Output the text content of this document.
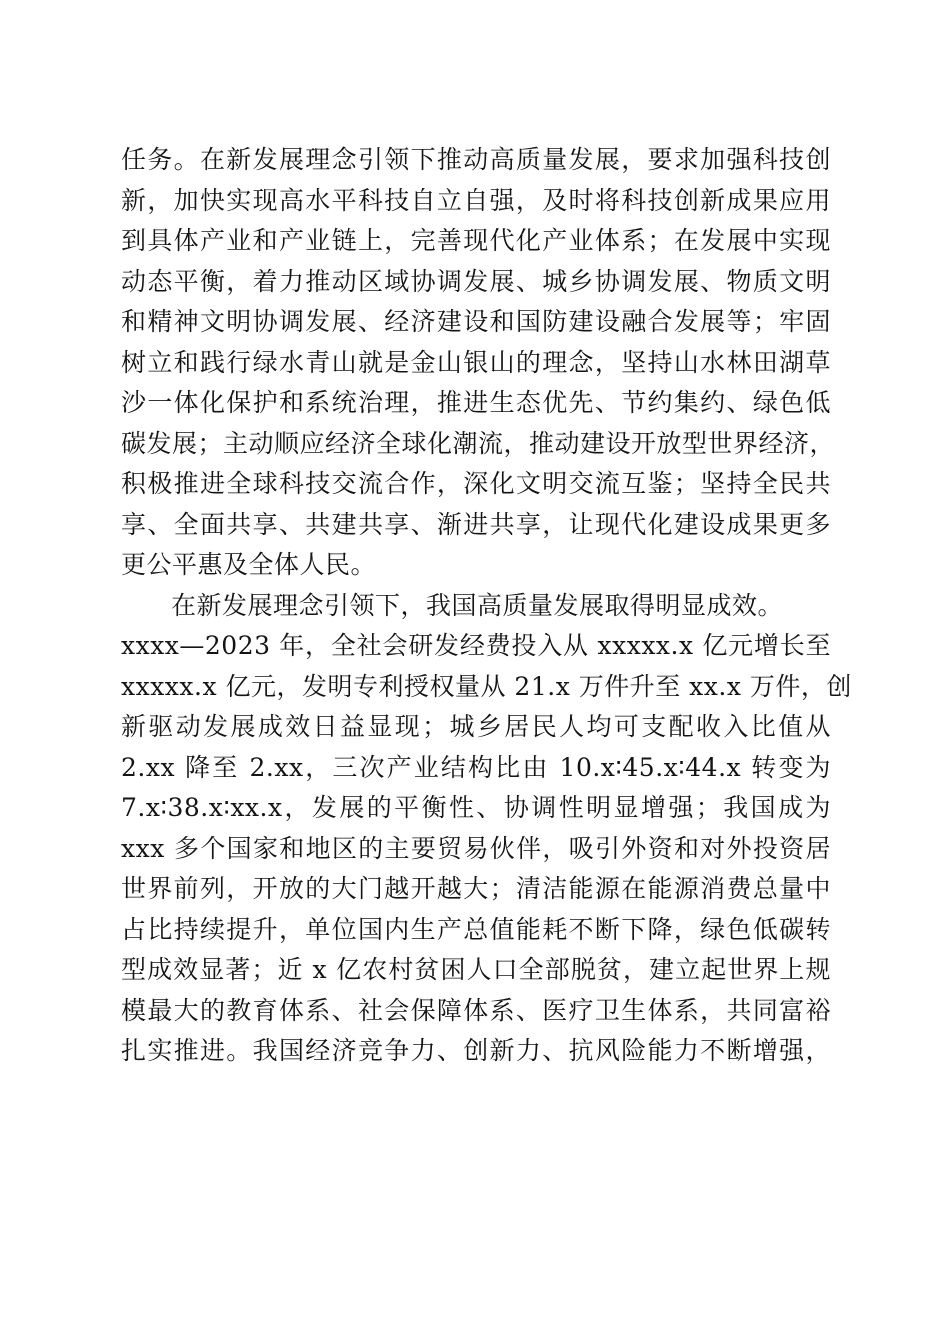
任务。在新发展理念引领下推动高质量发展，要求加强科技创
新，加快实现高水平科技自立自强，及时将科技创新成果应用
到具体产业和产业链上，完善现代化产业体系；在发展中实现
动态平衡，着力推动区域协调发展、城乡协调发展、物质文明
和精神文明协调发展、经济建设和国防建设融合发展等；牢固
树立和践行绿水青山就是金山银山的理念，坚持山水林田湖草
沙一体化保护和系统治理，推进生态优先、节约集约、绿色低
碳发展；主动顺应经济全球化潮流，推动建设开放型世界经济，
积极推进全球科技交流合作，深化文明交流互鉴；坚持全民共
享、全面共享、共建共享、渐进共享，让现代化建设成果更多
更公平惠及全体人民。
在新发展理念引领下，我国高质量发展取得明显成效。
xxxx—2023 年，全社会研发经费投入从 xxxxx.x 亿元增长至
xxxxx.x 亿元，发明专利授权量从 21.x 万件升至 xx.x 万件，创
新驱动发展成效日益显现；城乡居民人均可支配收入比值从
2.xx 降至 2.xx，三次产业结构比由 10.x∶45.x∶44.x 转变为
7.x∶38.x∶xx.x，发展的平衡性、协调性明显增强；我国成为
xxx 多个国家和地区的主要贸易伙伴，吸引外资和对外投资居
世界前列，开放的大门越开越大；清洁能源在能源消费总量中
占比持续提升，单位国内生产总值能耗不断下降，绿色低碳转
型成效显著；近 x 亿农村贫困人口全部脱贫，建立起世界上规
模最大的教育体系、社会保障体系、医疗卫生体系，共同富裕
扎实推进。我国经济竞争力、创新力、抗风险能力不断增强，
